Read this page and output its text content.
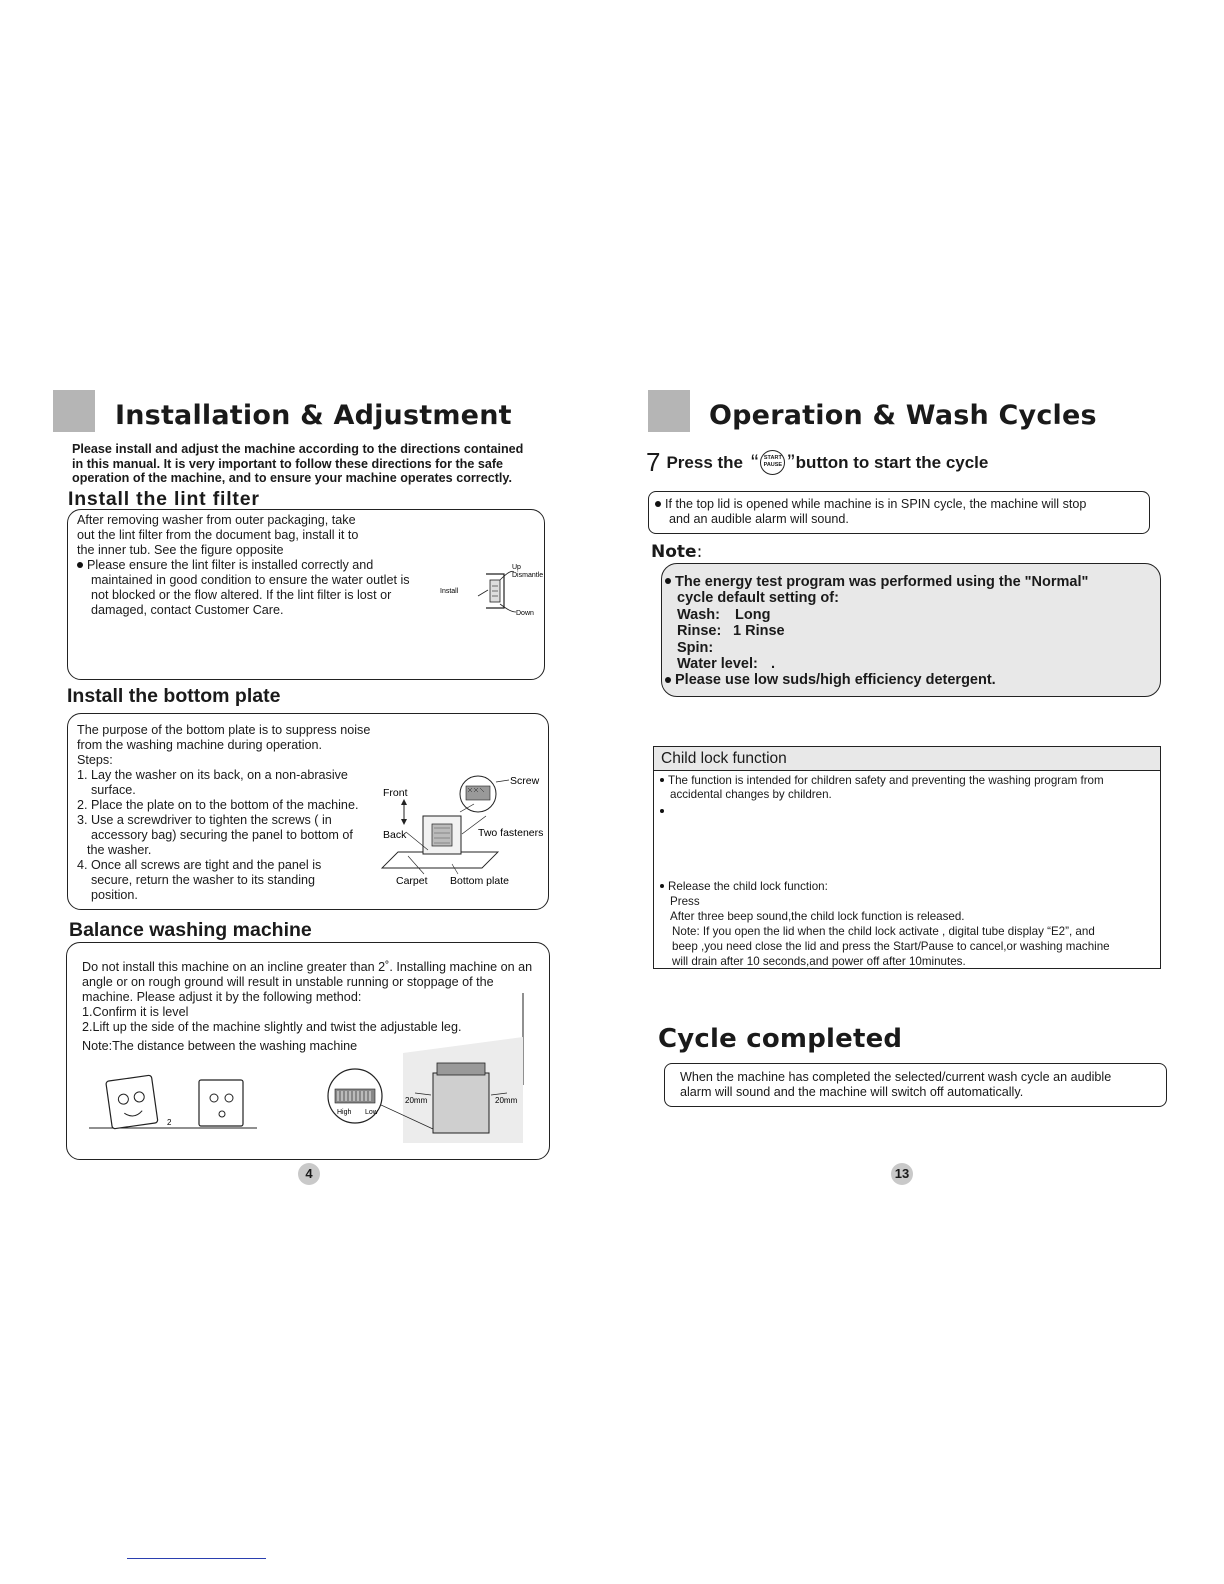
Installation & Adjustment
Please install and adjust the machine according to the directions contained
in this manual. It is very important to follow these directions for the safe
operation of the machine, and to ensure your machine operates correctly.
Install the lint filter

After removing washer from outer packaging, take

out the lint filter from the document bag, install it to

the inner tub. See the figure opposite

Please ensure the lint filter is installed correctly and

maintained in good condition to ensure the water outlet is

not blocked or the flow altered. If the lint filter is lost or

damaged, contact Customer Care.

Up
Dismantle
Install
Down
Install the bottom plate

The purpose of the bottom plate is to suppress noise

from the washing machine during operation.

Steps:

1. Lay the washer on its back, on a non-abrasive

surface.

2. Place the plate on to the bottom of the machine.

3. Use a screwdriver to tighten the screws ( in

accessory bag) securing the panel to bottom of

the washer.

4. Once all screws are tight and the panel is

secure, return the washer to its standing

position.

Screw
Front
Back	Two fasteners
Carpet Bottom plate
Balance washing machine

Do not install this machine on an incline greater than 2˚. Installing machine on an

angle or on rough ground will result in unstable running or stoppage of the

machine. Please adjust it by the following method:

1.Confirm it is level

2.Lift up the side of the machine slightly and twist the adjustable leg.

Note:The distance between the washing machine

2
20mm	20mm
High Low
4
Operation & Wash Cycles
7 Press the “	START
PAUSE ” button to start the cycle

If the top lid is opened while machine is in SPIN cycle, the machine will stop

and an audible alarm will sound.

Note:
The energy test program was performed using the "Normal"
cycle default setting of:
Wash: Long
Rinse: 1 Rinse
Spin:
Water level: .
Please use low suds/high efficiency detergent.
Child lock function
The function is intended for children safety and preventing the washing program from
accidental changes by children.
Release the child lock function:
Press
After three beep sound,the child lock function is released.
Note: If you open the lid when the child lock activate , digital tube display “E2”, and
beep ,you need close the lid and press the Start/Pause to cancel,or washing machine
will drain after 10 seconds,and power off after 10minutes.
Cycle completed

When the machine has completed the selected/current wash cycle an audible

alarm will sound and the machine will switch off automatically.

13
